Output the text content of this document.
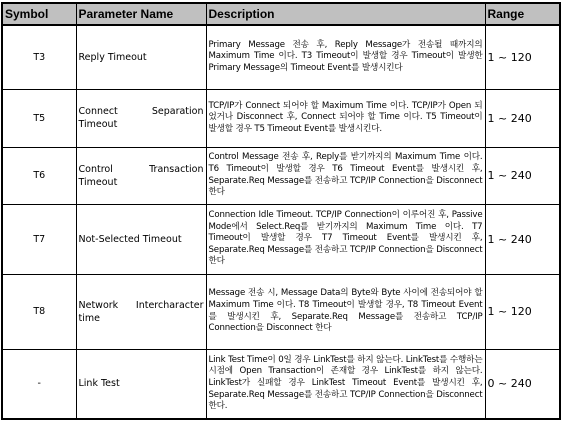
Symbol	Parameter Name	Description	Range
T3	Reply Timeout	Primary Message 전송 후, Reply Message가 전송될 때까지의 Maximum Time 이다. T3 Timeout이 발생할 경우 Timeout이 발생한 Primary Message의 Timeout Event를 발생시킨다	1 ~ 120
T5	Connect Separation Timeout	TCP/IP가 Connect 되어야 할 Maximum Time 이다. TCP/IP가 Open 되었거나 Disconnect 후, Connect 되어야 할 Time 이다. T5 Timeout이 발생할 경우 T5 Timeout Event를 발생시킨다.	1 ~ 240
T6	Control Transaction Timeout	Control Message 전송 후, Reply를 받기까지의 Maximum Time 이다. T6 Timeout이 발생할 경우 T6 Timeout Event를 발생시킨 후, Separate.Req Message를 전송하고 TCP/IP Connection을 Disconnect 한다	1 ~ 240
T7	Not-Selected Timeout	Connection Idle Timeout. TCP/IP Connection이 이루어진 후, Passive Mode에서 Select.Req를 받기까지의 Maximum Time 이다. T7 Timeout이 발생할 경우 T7 Timeout Event를 발생시킨 후, Separate.Req Message를 전송하고 TCP/IP Connection을 Disconnect 한다	1 ~ 240
T8	Network Intercharacter time	Message 전송 시, Message Data의 Byte와 Byte 사이에 전송되어야 할 Maximum Time 이다. T8 Timeout이 발생할 경우, T8 Timeout Event를 발생시킨 후, Separate.Req Message를 전송하고 TCP/IP Connection을 Disconnect 한다	1 ~ 120
-	Link Test	Link Test Time이 0일 경우 LinkTest를 하지 않는다. LinkTest를 수행하는 시점에 Open Transaction이 존재할 경우 LinkTest를 하지 않는다. LinkTest가 실패할 경우 LinkTest Timeout Event를 발생시킨 후, Separate.Req Message를 전송하고 TCP/IP Connection을 Disconnect 한다.	0 ~ 240
